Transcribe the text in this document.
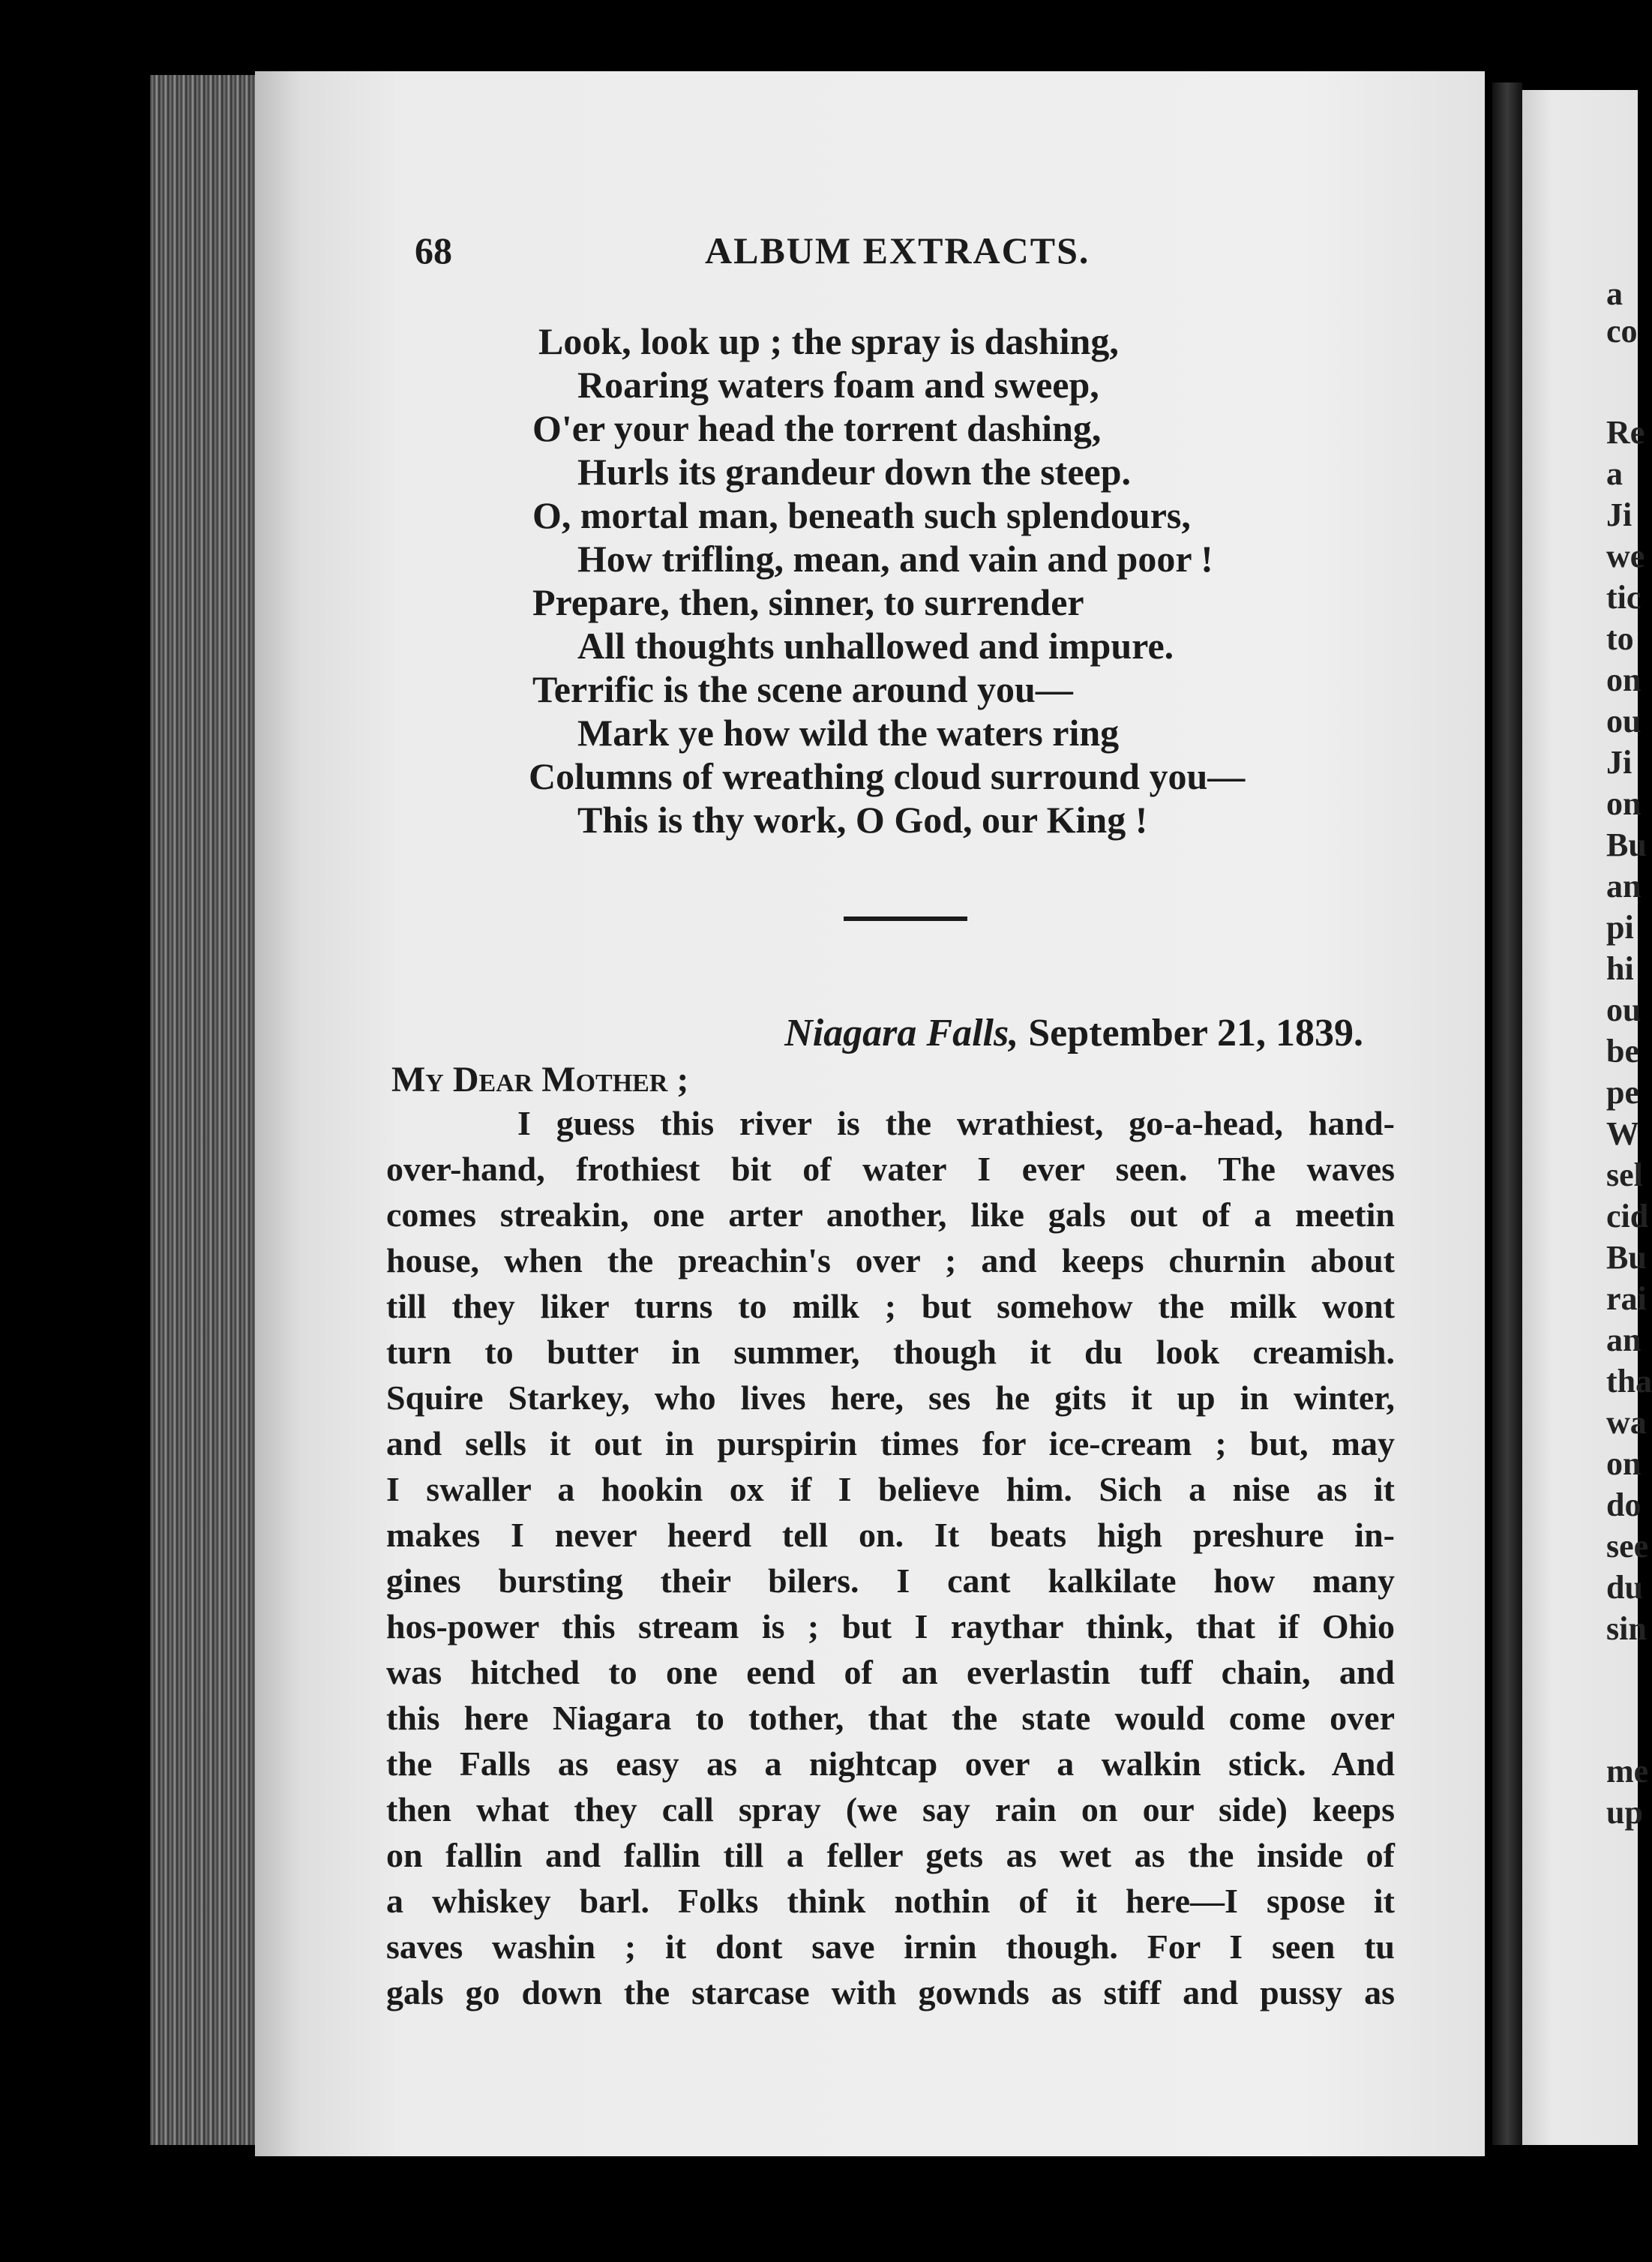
a
co
Re
a
Ji
we
tic
to
on
ou
Ji
on
Bu
an
pi
hi
ou
be
pe
W
sel
cid
Bu
rai
an
tha
wa
on
do
see
du
sin
me
up
68	ALBUM EXTRACTS.
Look, look up ; the spray is dashing,
Roaring waters foam and sweep,
O'er your head the torrent dashing,
Hurls its grandeur down the steep.
O, mortal man, beneath such splendours,
How trifling, mean, and vain and poor !
Prepare, then, sinner, to surrender
All thoughts unhallowed and impure.
Terrific is the scene around you—
Mark ye how wild the waters ring
Columns of wreathing cloud surround you—
This is thy work, O God, our King !
Niagara Falls, September 21, 1839.
My Dear Mother ;
I guess this river is the wrathiest, go-a-head, hand-
over-hand, frothiest bit of water I ever seen. The waves
comes streakin, one arter another, like gals out of a meetin
house, when the preachin's over ; and keeps churnin about
till they liker turns to milk ; but somehow the milk wont
turn to butter in summer, though it du look creamish.
Squire Starkey, who lives here, ses he gits it up in winter,
and sells it out in purspirin times for ice-cream ; but, may
I swaller a hookin ox if I believe him. Sich a nise as it
makes I never heerd tell on. It beats high preshure in-
gines bursting their bilers. I cant kalkilate how many
hos-power this stream is ; but I raythar think, that if Ohio
was hitched to one eend of an everlastin tuff chain, and
this here Niagara to tother, that the state would come over
the Falls as easy as a nightcap over a walkin stick. And
then what they call spray (we say rain on our side) keeps
on fallin and fallin till a feller gets as wet as the inside of
a whiskey barl. Folks think nothin of it here—I spose it
saves washin ; it dont save irnin though. For I seen tu
gals go down the starcase with gownds as stiff and pussy as
